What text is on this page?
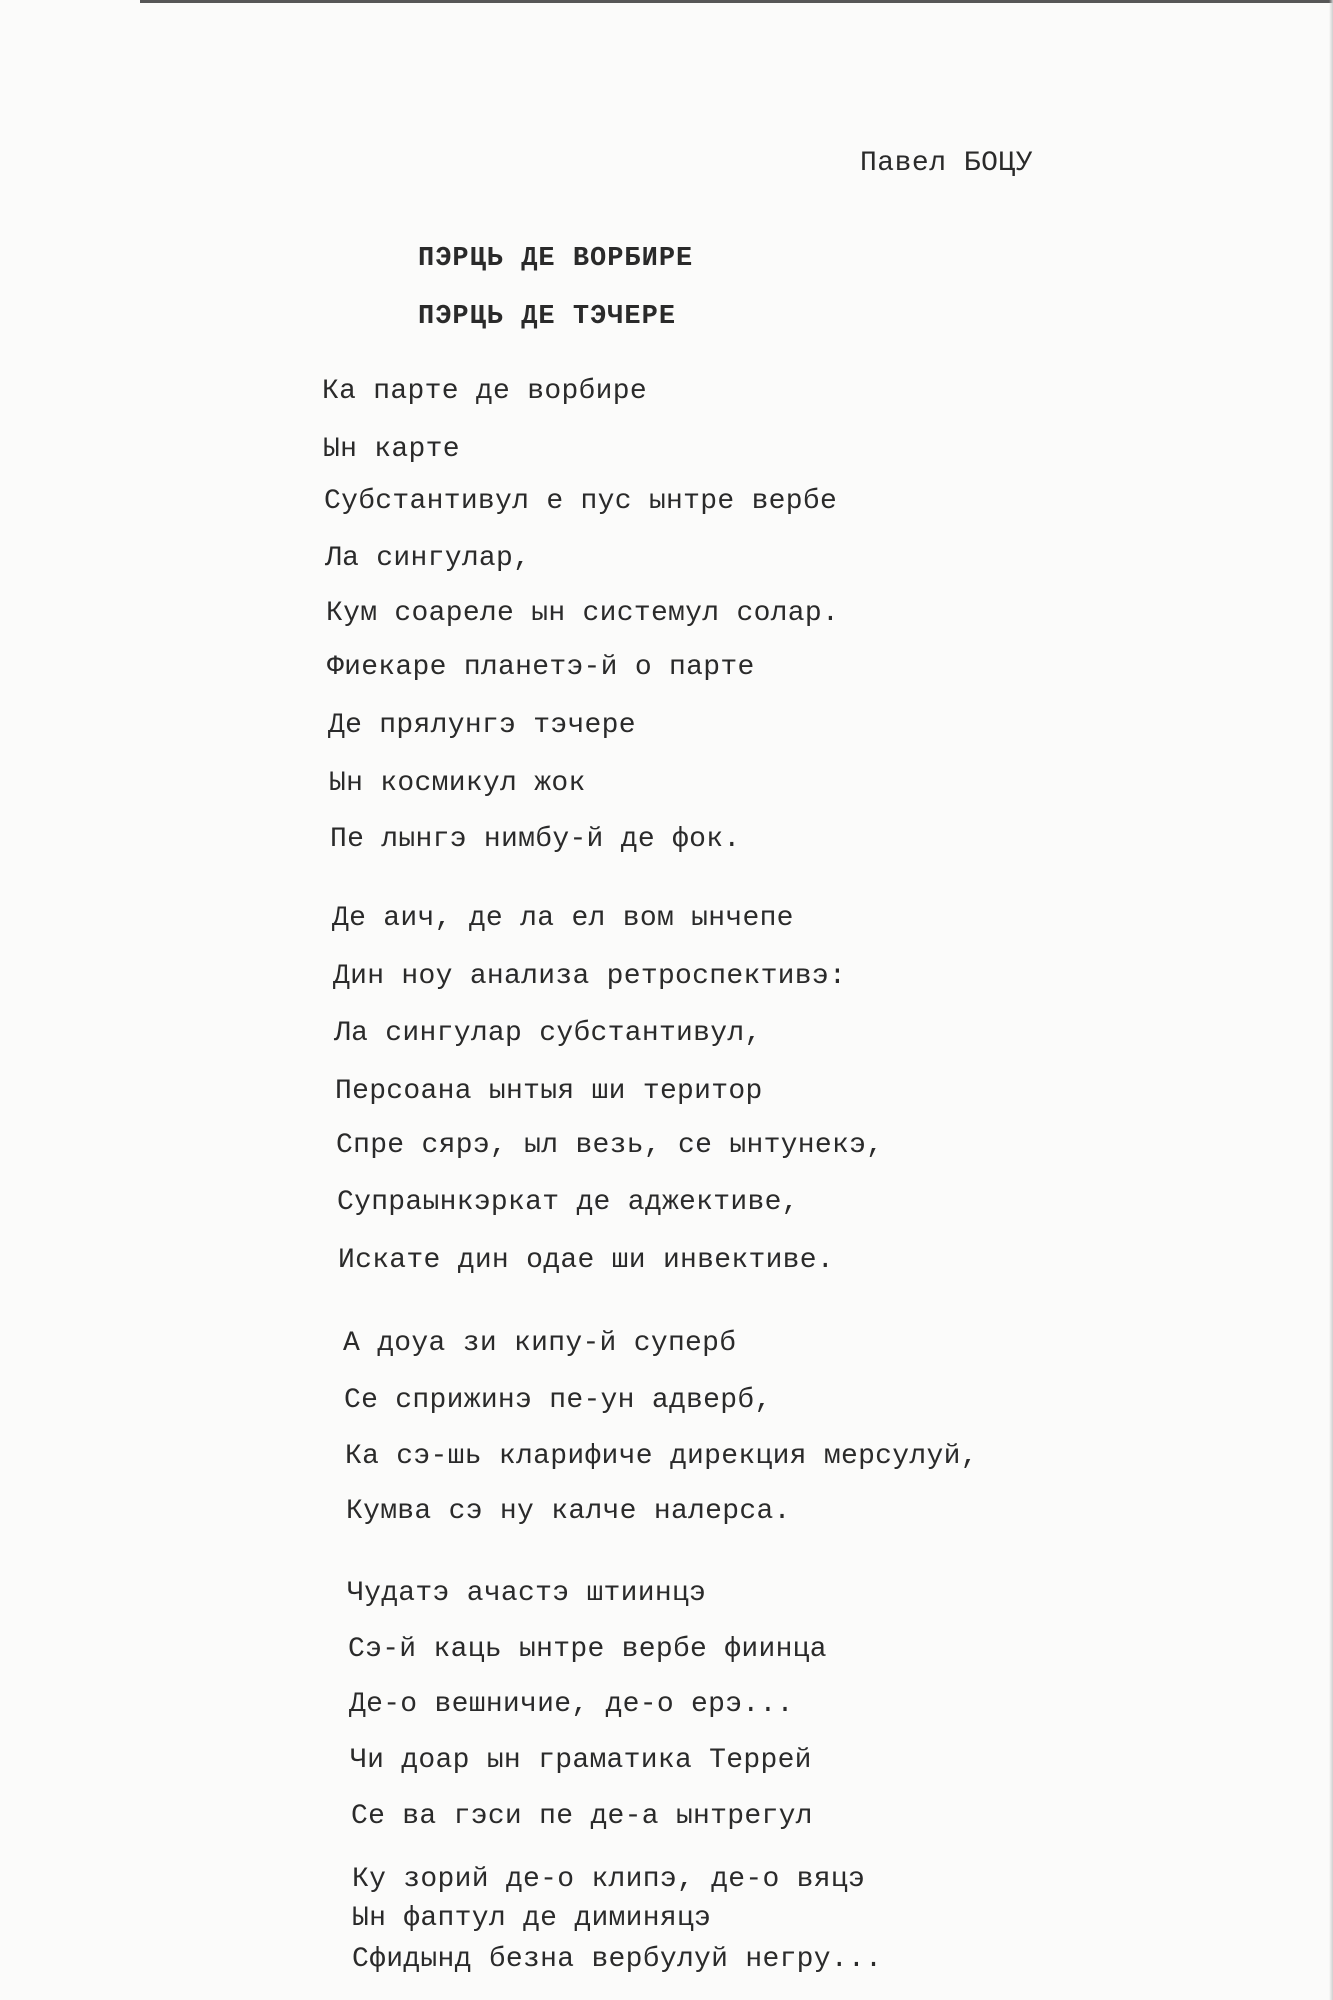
Павел БОЦУ
ПЭРЦЬ ДЕ ВОРБИРЕ
ПЭРЦЬ ДЕ ТЭЧЕРЕ
Ка парте де ворбире
Ын карте
Субстантивул е пус ынтре вербе
Ла сингулар,
Кум соареле ын системул солар.
Фиекаре планетэ-й о парте
Де прялунгэ тэчере
Ын космикул жок
Пе лынгэ нимбу-й де фок.
Де аич, де ла ел вом ынчепе
Дин ноу анализа ретроспективэ:
Ла сингулар субстантивул,
Персоана ынтыя ши територ
Спре сярэ, ыл везь, се ынтунекэ,
Супраынкэркат де аджективе,
Искате дин одае ши инвективе.
А доуа зи кипу-й суперб
Се сприжинэ пе-ун адверб,
Ка сэ-шь кларифиче дирекция мерсулуй,
Кумва сэ ну калче налерса.
Чудатэ ачастэ штиинцэ
Сэ-й каць ынтре вербе фиинца
Де-о вешничие, де-о ерэ...
Чи доар ын граматика Террей
Се ва гэси пе де-а ынтрегул
Ку зорий де-о клипэ, де-о вяцэ
Ын фаптул де диминяцэ
Сфидынд безна вербулуй негру...
